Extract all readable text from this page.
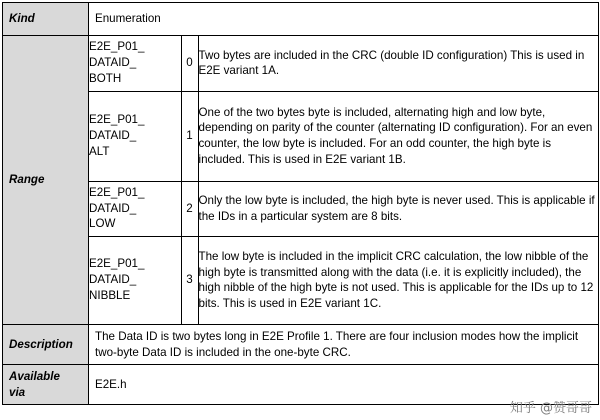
Kind	Enumeration
Range	
E2E_P01_
DATAID_
BOTH	0	Two bytes are included in the CRC (double ID configuration) This is used in E2E variant 1A.
E2E_P01_
DATAID_
ALT	1	One of the two bytes byte is included, alternating high and low byte, depending on parity of the counter (alternating ID configuration). For an even counter, the low byte is included. For an odd counter, the high byte is included. This is used in E2E variant 1B.
E2E_P01_
DATAID_
LOW	2	Only the low byte is included, the high byte is never used. This is applicable if the IDs in a particular system are 8 bits.
E2E_P01_
DATAID_
NIBBLE	3	The low byte is included in the implicit CRC calculation, the low nibble of the high byte is transmitted along with the data (i.e. it is explicitly included), the high nibble of the high byte is not used. This is applicable for the IDs up to 12 bits. This is used in E2E variant 1C.

Description	The Data ID is two bytes long in E2E Profile 1. There are four inclusion modes how the implicit two-byte Data ID is included in the one-byte CRC.
Available
via	E2E.h
知乎 @赞哥哥
